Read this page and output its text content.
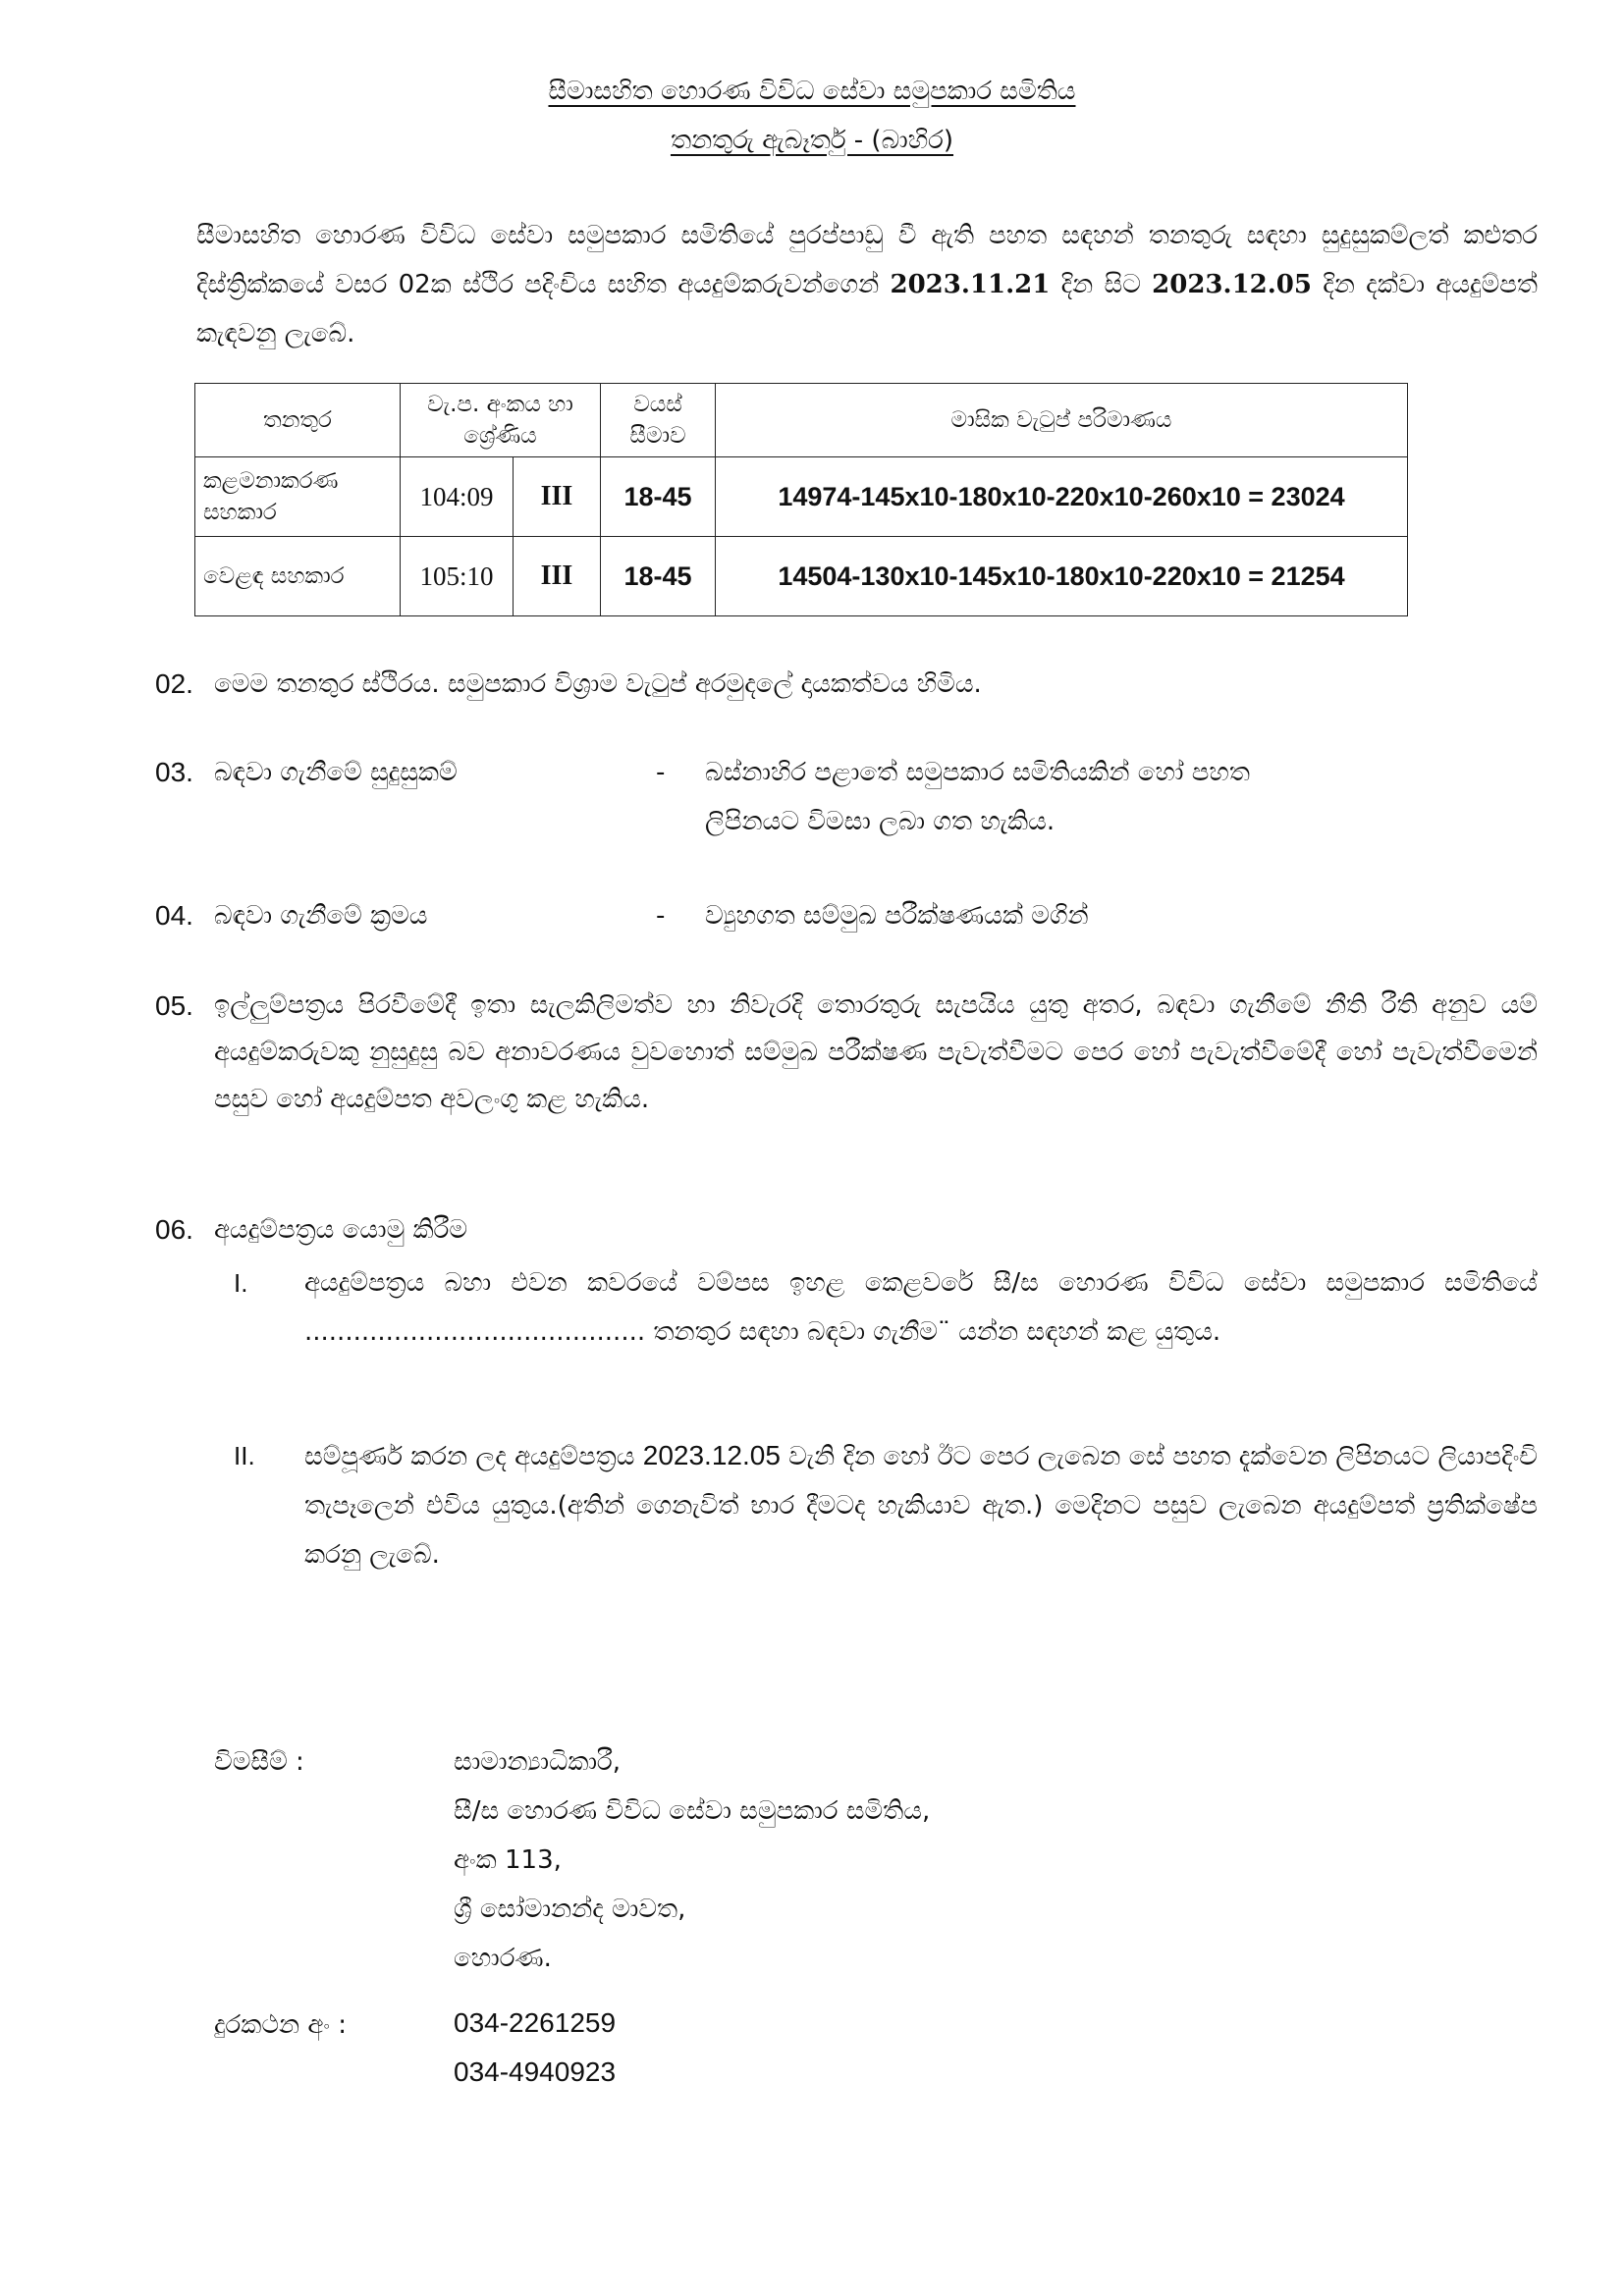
සීමාසහිත හොරණ විවිධ සේවා සමුපකාර සමිතිය
තනතුරු ඇබෑර්තු - (බාහිර)
සීමාසහිත හොරණ විවිධ සේවා සමුපකාර සමිතියේ පුරප්පාඩු වී ඇති පහත සඳහන් තනතුරු සඳහා සුදුසුකම්ලත් කළුතර දිස්ත්‍රික්කයේ වසර 02ක ස්ථිර පදිංචිය සහිත අයදුම්කරුවන්ගෙන් 2023.11.21 දින සිට 2023.12.05 දින දක්වා අයදුම්පත් කැඳවනු ලැබේ.
තනතුර	වැ.ප. අංකය හා ශ්‍රේණිය		වයස් සීමාව	මාසික වැටුප් පරිමාණය
කළමනාකරණ සහකාර	104:09	III	18-45	14974-145x10-180x10-220x10-260x10 = 23024
වෙළඳ සහකාර	105:10	III	18-45	14504-130x10-145x10-180x10-220x10 = 21254
02. මෙම තනතුර ස්ථිරය. සමුපකාර විශ්‍රාම වැටුප් අරමුදලේ දායකත්වය හිමිය.
03. බඳවා ගැනීමේ සුදුසුකම්	- බස්නාහිර පළාතේ සමුපකාර සමිතියකින් හෝ පහත
ලිපිනයට විමසා ලබා ගත හැකිය.
04. බඳවා ගැනීමේ ක්‍රමය	- ව්‍යුහගත සම්මුඛ පරීක්ෂණයක් මගින්
05. ඉල්ලුම්පත්‍රය පිරවීමේදී ඉතා සැලකිලිමත්ව හා නිවැරදි තොරතුරු සැපයිය යුතු අතර, බඳවා ගැනීමේ නීති රීති අනුව යම් අයදුම්කරුවකු නුසුදුසු බව අනාවරණය වුවහොත් සම්මුඛ පරීක්ෂණ පැවැත්වීමට පෙර හෝ පැවැත්වීමේදී හෝ පැවැත්වීමෙන් පසුව හෝ අයදුම්පත අවලංගු කළ හැකිය.
06. අයදුම්පත්‍රය යොමු කිරීම
I. අයදුම්පත්‍රය බහා එවන කවරයේ වම්පස ඉහළ කෙළවරේ සී/ස හොරණ විවිධ සේවා සමුපකාර සමිතියේ .......................................... තනතුර සඳහා බඳවා ගැනීම¨ යන්න සඳහන් කළ යුතුය.
II. සම්පූර්ණ කරන ලද අයදුම්පත්‍රය 2023.12.05 වැනි දින හෝ ඊට පෙර ලැබෙන සේ පහත දැක්වෙන ලිපිනයට ලියාපදිංචි තැපෑලෙන් එවිය යුතුය.(අතින් ගෙනැවිත් භාර දීමටද හැකියාව ඇත.) මෙදිනට පසුව ලැබෙන අයදුම්පත් ප්‍රතික්ෂේප කරනු ලැබේ.
විමසීම් :	සාමාන්‍යාධිකාරී,
සී/ස හොරණ විවිධ සේවා සමුපකාර සමිතිය,
අංක 113,
ශ්‍රී සෝමානන්ද මාවත,
හොරණ.
දුරකථන අං :	034-2261259
034-4940923
